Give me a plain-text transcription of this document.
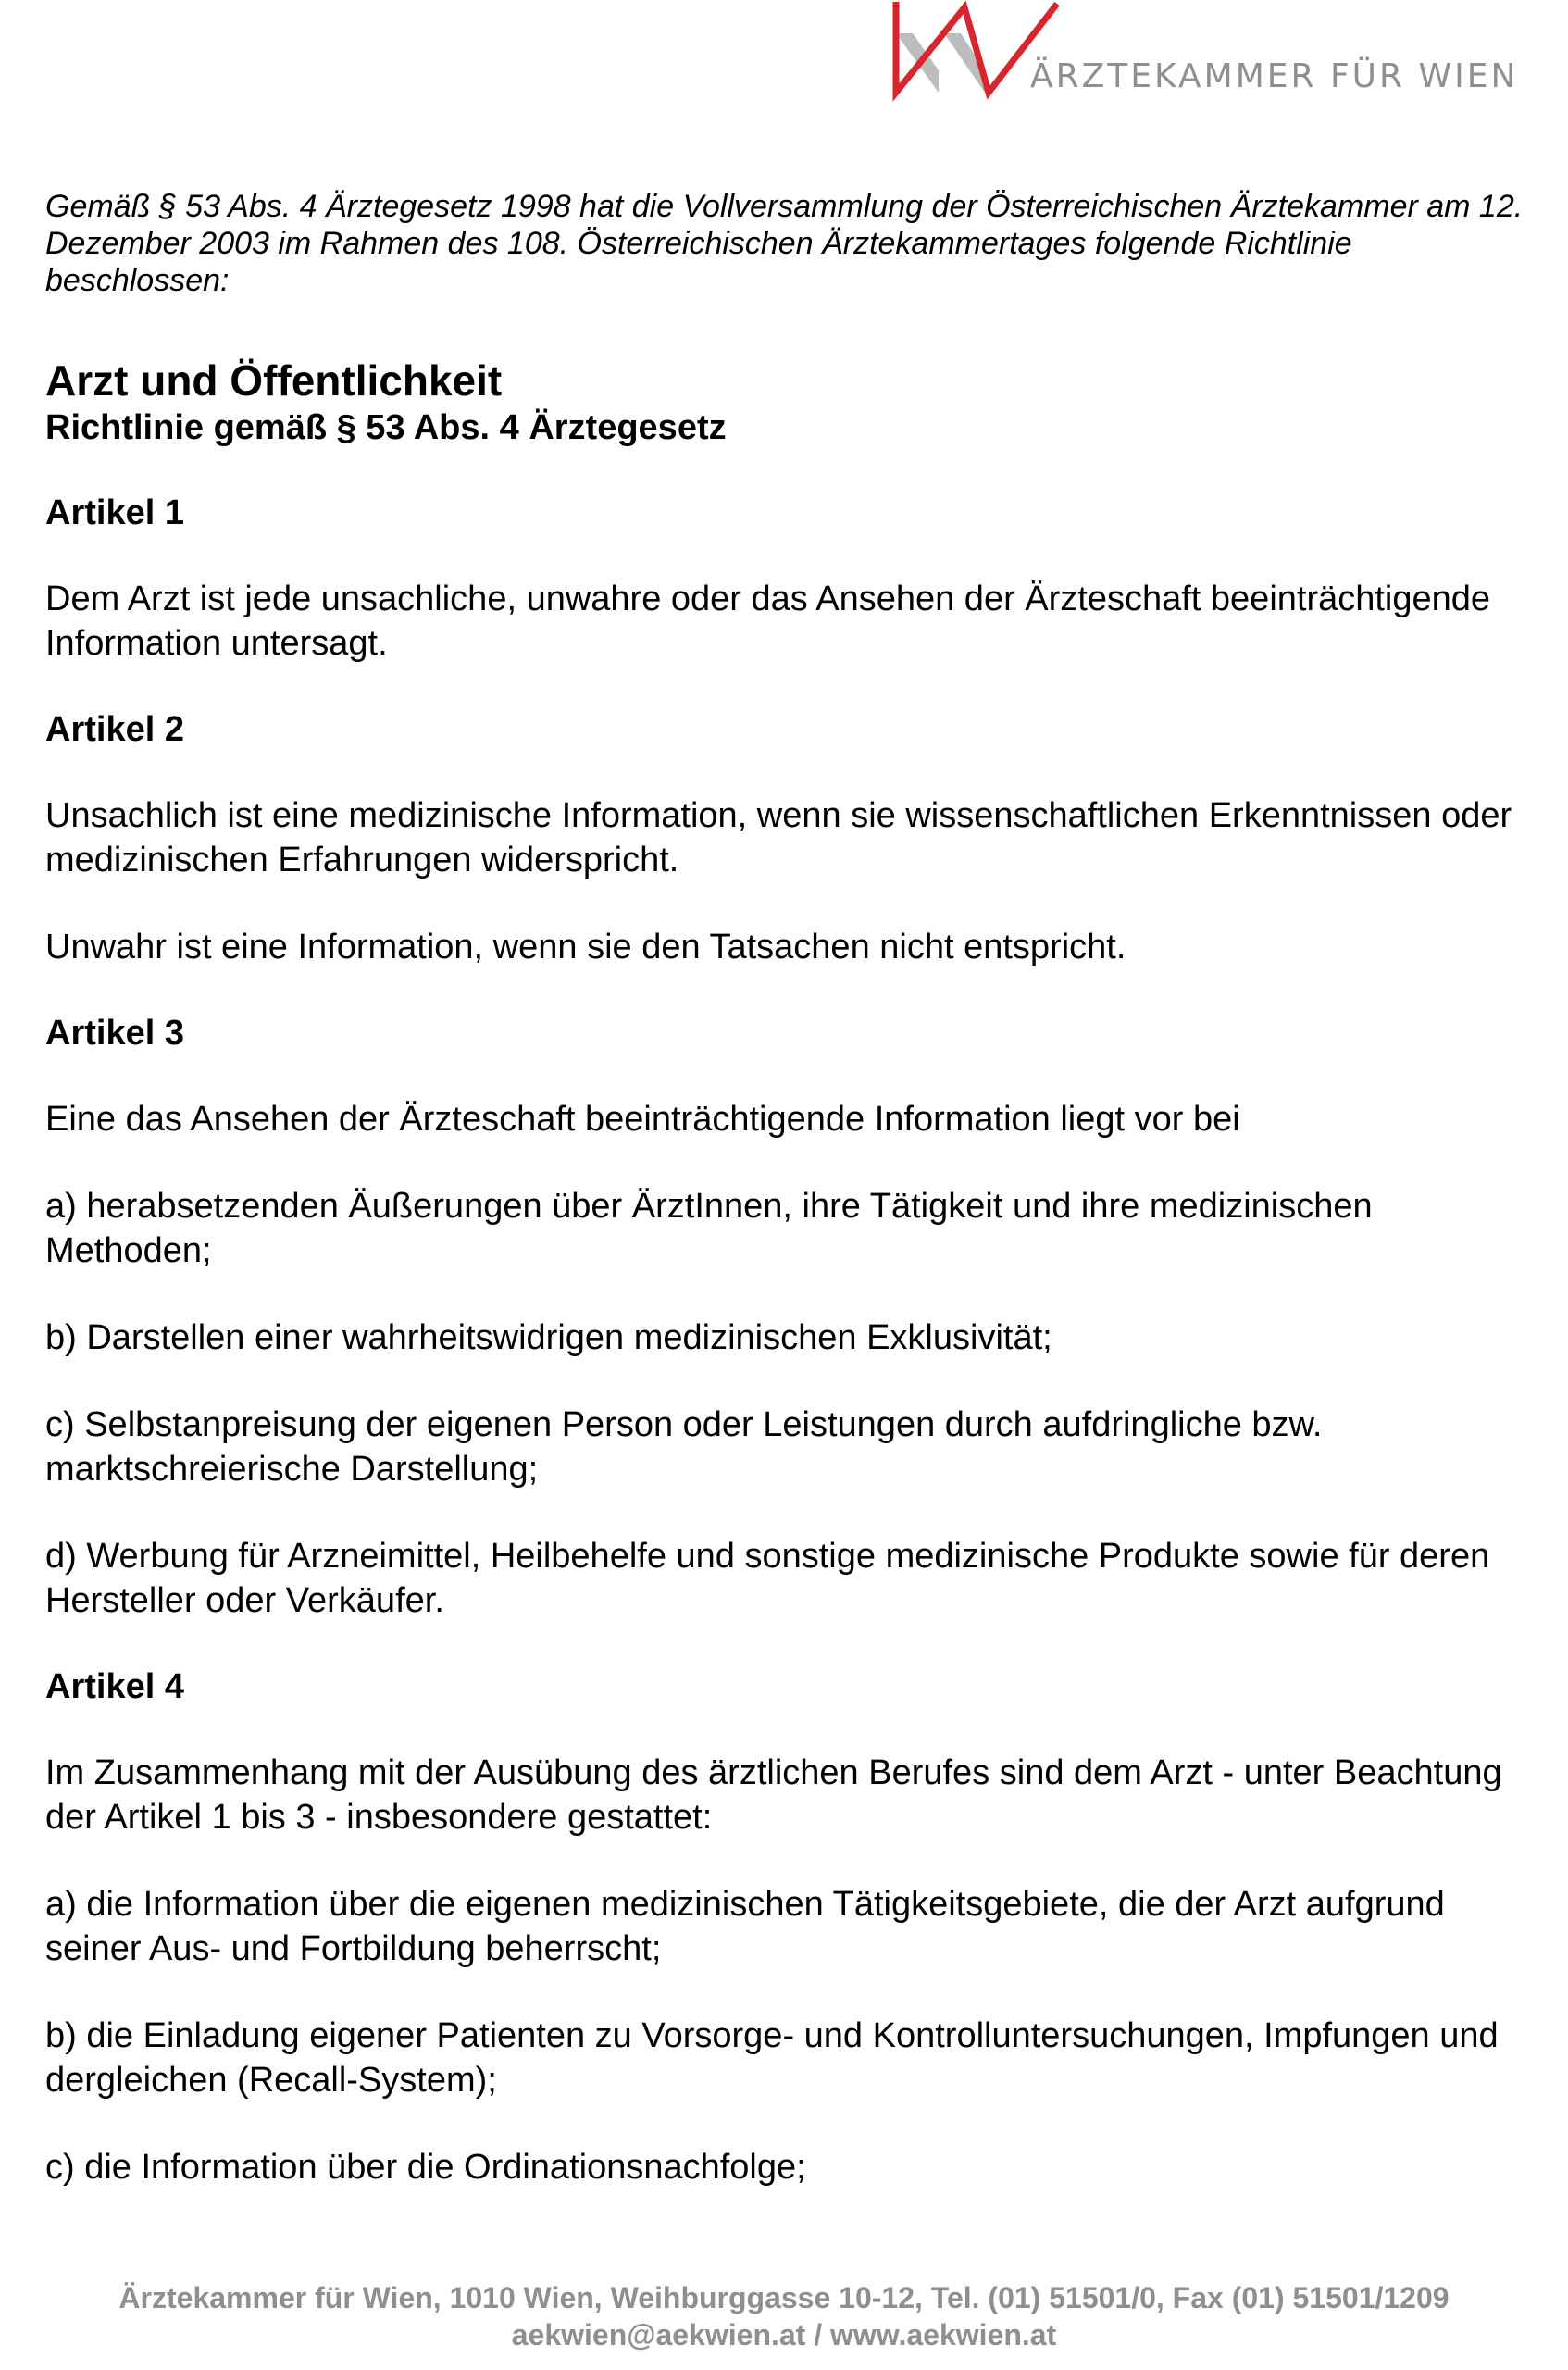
ÄRZTEKAMMER FÜR WIEN

Gemäß § 53 Abs. 4 Ärztegesetz 1998 hat die Vollversammlung der Österreichischen Ärztekammer am 12. Dezember 2003 im Rahmen des 108. Österreichischen Ärztekammertages folgende Richtlinie beschlossen:

Arzt und Öffentlichkeit
Richtlinie gemäß § 53 Abs. 4 Ärztegesetz
Artikel 1
Dem Arzt ist jede unsachliche, unwahre oder das Ansehen der Ärzteschaft beeinträchtigende Information untersagt.
Artikel 2
Unsachlich ist eine medizinische Information, wenn sie wissenschaftlichen Erkenntnissen oder medizinischen Erfahrungen widerspricht.
Unwahr ist eine Information, wenn sie den Tatsachen nicht entspricht.
Artikel 3
Eine das Ansehen der Ärzteschaft beeinträchtigende Information liegt vor bei
a) herabsetzenden Äußerungen über ÄrztInnen, ihre Tätigkeit und ihre medizinischen Methoden;
b) Darstellen einer wahrheitswidrigen medizinischen Exklusivität;
c) Selbstanpreisung der eigenen Person oder Leistungen durch aufdringliche bzw. marktschreierische Darstellung;
d) Werbung für Arzneimittel, Heilbehelfe und sonstige medizinische Produkte sowie für deren Hersteller oder Verkäufer.
Artikel 4
Im Zusammenhang mit der Ausübung des ärztlichen Berufes sind dem Arzt - unter Beachtung der Artikel 1 bis 3 - insbesondere gestattet:
a) die Information über die eigenen medizinischen Tätigkeitsgebiete, die der Arzt aufgrund seiner Aus- und Fortbildung beherrscht;
b) die Einladung eigener Patienten zu Vorsorge- und Kontrolluntersuchungen, Impfungen und dergleichen (Recall-System);
c) die Information über die Ordinationsnachfolge;
Ärztekammer für Wien, 1010 Wien, Weihburggasse 10-12, Tel. (01) 51501/0, Fax (01) 51501/1209
aekwien@aekwien.at / www.aekwien.at
